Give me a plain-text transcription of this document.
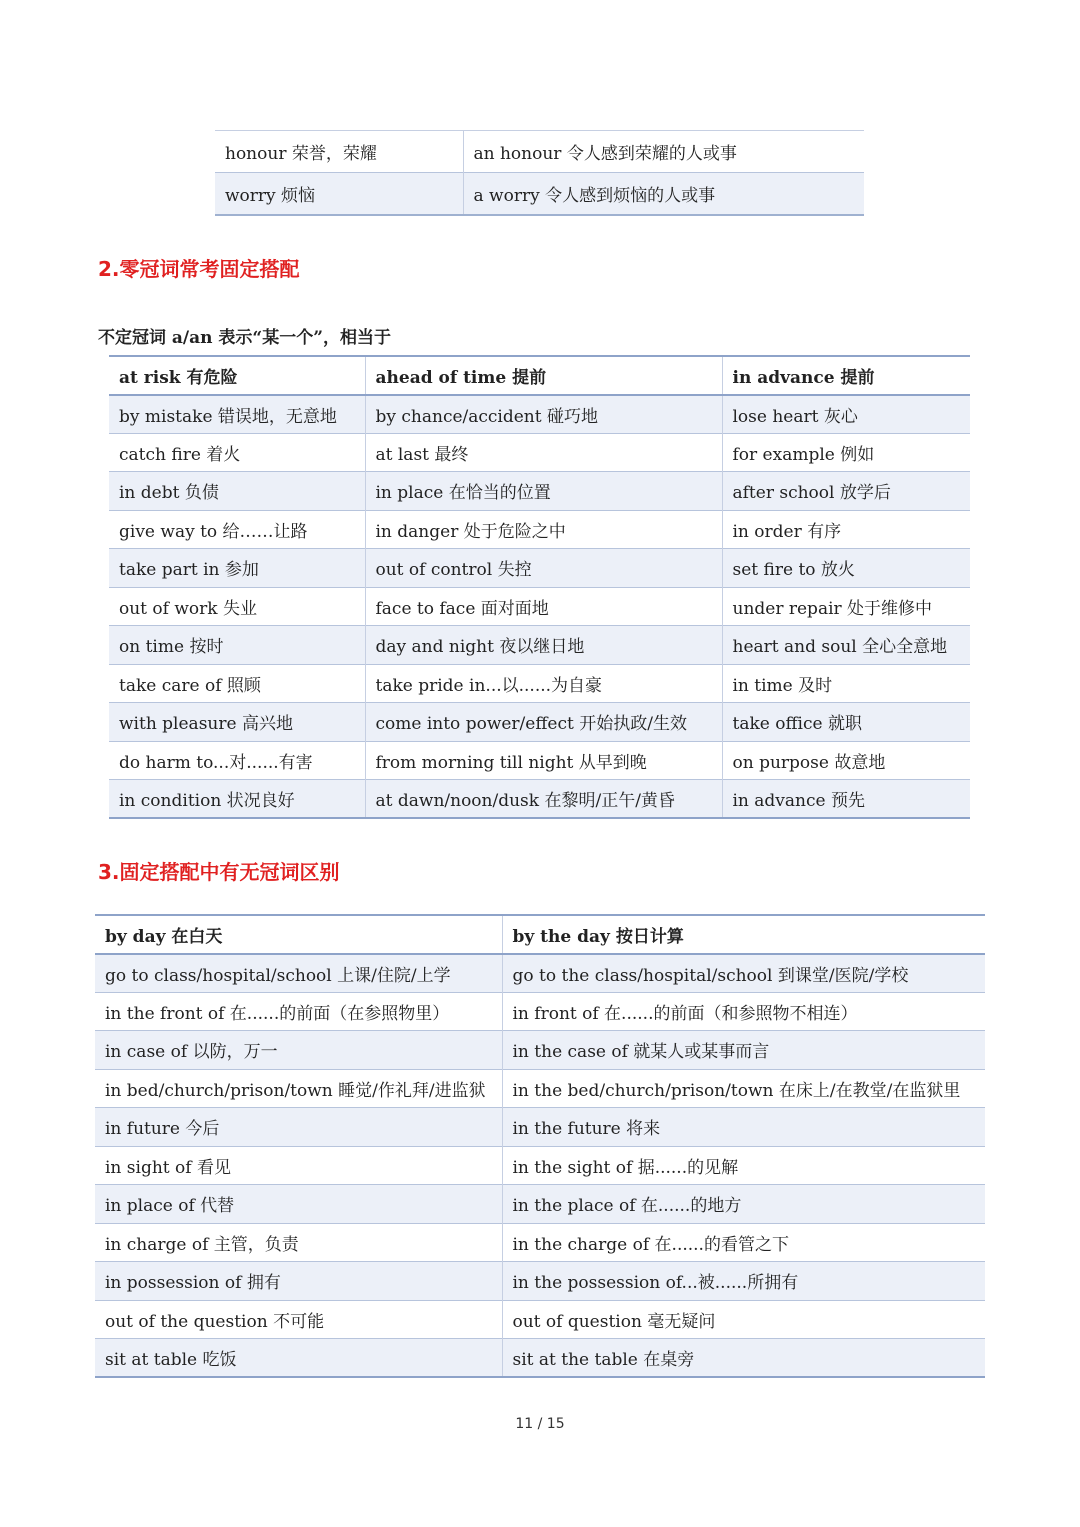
honour 荣誉，荣耀	an honour 令人感到荣耀的人或事
worry 烦恼	a worry 令人感到烦恼的人或事
2.零冠词常考固定搭配
不定冠词 a/an 表示“某一个”，相当于
at risk 有危险	ahead of time 提前	in advance 提前
by mistake 错误地，无意地	by chance/accident 碰巧地	lose heart 灰心
catch fire 着火	at last 最终	for example 例如
in debt 负债	in place 在恰当的位置	after school 放学后
give way to 给……让路	in danger 处于危险之中	in order 有序
take part in 参加	out of control 失控	set fire to 放火
out of work 失业	face to face 面对面地	under repair 处于维修中
on time 按时	day and night 夜以继日地	heart and soul 全心全意地
take care of 照顾	take pride in...以......为自豪	in time 及时
with pleasure 高兴地	come into power/effect 开始执政/生效	take office 就职
do harm to...对......有害	from morning till night 从早到晚	on purpose 故意地
in condition 状况良好	at dawn/noon/dusk 在黎明/正午/黄昏	in advance 预先
3.固定搭配中有无冠词区别
by day 在白天	by the day 按日计算
go to class/hospital/school 上课/住院/上学	go to the class/hospital/school 到课堂/医院/学校
in the front of 在......的前面（在参照物里）	in front of 在......的前面（和参照物不相连）
in case of 以防，万一	in the case of 就某人或某事而言
in bed/church/prison/town 睡觉/作礼拜/进监狱	in the bed/church/prison/town 在床上/在教堂/在监狱里
in future 今后	in the future 将来
in sight of 看见	in the sight of 据......的见解
in place of 代替	in the place of 在......的地方
in charge of 主管，负责	in the charge of 在......的看管之下
in possession of 拥有	in the possession of...被......所拥有
out of the question 不可能	out of question 毫无疑问
sit at table 吃饭	sit at the table 在桌旁
11 / 15
